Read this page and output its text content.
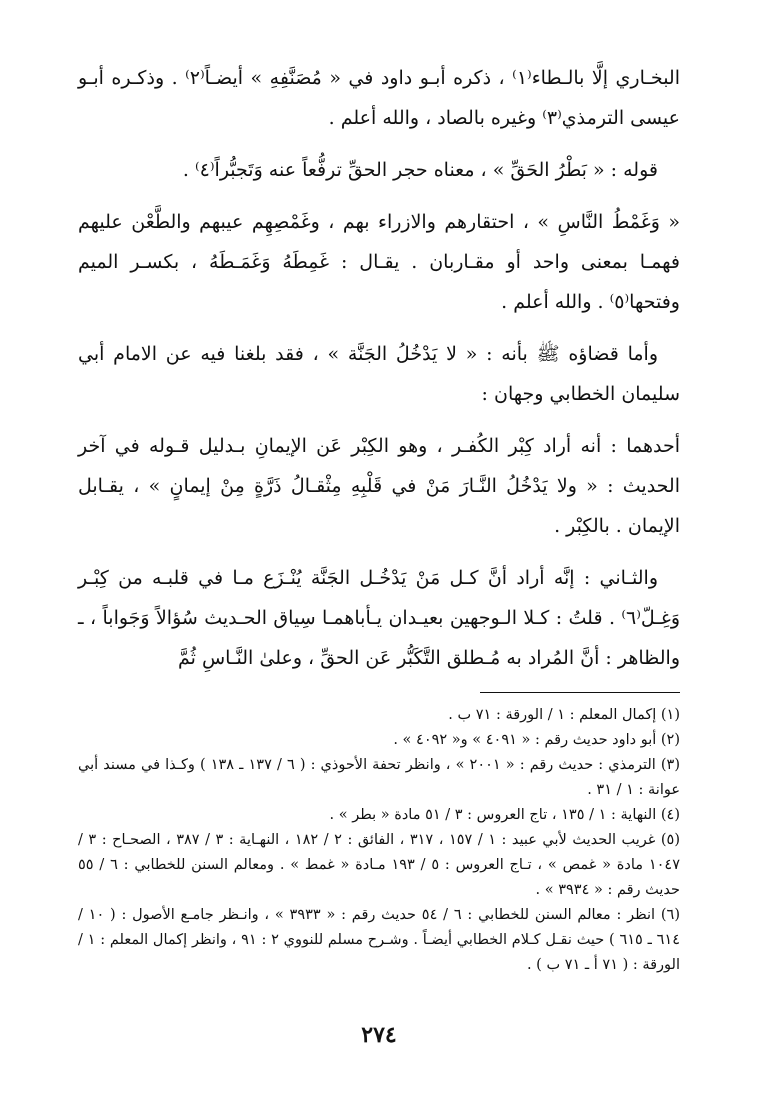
البخـاري إلَّا بالـطاء⁽١⁾ ، ذكره أبـو داود في « مُصَنَّفِهِ » أيضـاً⁽٢⁾ . وذكـره أبـو عيسى الترمذي⁽٣⁾ وغيره بالصاد ، والله أعلم .

قوله : « بَطْرُ الحَقِّ » ، معناه حجر الحقِّ ترفُّعاً عنه وَتَجبُّراً⁽٤⁾ .

« وَغَمْطُ النَّاسِ » ، احتقارهم والازراء بهم ، وغَمْصِهِم عيبهم والطَّعْن عليهم فهمـا بمعنى واحد أو مقـاربان . يقـال : غَمِطَهُ وَغَمَـطَهُ ، بكسـر الميم وفتحها⁽٥⁾ . والله أعلم .

وأما قضاؤه ﷺ بأنه : « لا يَدْخُلُ الجَنَّة » ، فقد بلغنا فيه عن الامام أبي سليمان الخطابي وجهان :

أحدهما : أنه أراد كِبْر الكُفـر ، وهو الكِبْر عَن الإيمانِ بـدليل قـوله في آخر الحديث : « ولا يَدْخُلُ النَّـارَ مَنْ في قَلْبِهِ مِثْقـالُ ذَرَّةٍ مِنْ إيمانٍ » ، يقـابل الإيمان . بالكِبْر .

والثـاني : إنَّه أراد أنَّ كـل مَنْ يَدْخُـل الجَنَّة يُنْـزَع مـا في قلبـه من كِبْـر وَغِـلّ⁽٦⁾ . قلتُ : كـلا الـوجهين بعيـدان يـأباهمـا سِياق الحـديث سُؤالاً وَجَواباً ، ـ والظاهر : أنَّ المُراد به مُـطلق التَّكَبُّر عَن الحقِّ ، وعلىٰ النَّـاسِ ثُمَّ

(١) إكمال المعلم : ١ / الورقة : ٧١ ب .

(٢) أبو داود حديث رقم : « ٤٠٩١ » و« ٤٠٩٢ » .

(٣) الترمذي : حديث رقم : « ٢٠٠١ » ، وانظر تحفة الأحوذي : ( ٦ / ١٣٧ ـ ١٣٨ ) وكـذا في مسند أبي عوانة : ١ / ٣١ .

(٤) النهاية : ١ / ١٣٥ ، تاج العروس : ٣ / ٥١ مادة « بطر » .

(٥) غريب الحديث لأبي عبيد : ١ / ١٥٧ ، ٣١٧ ، الفائق : ٢ / ١٨٢ ، النهـاية : ٣ / ٣٨٧ ، الصحـاح : ٣ / ١٠٤٧ مادة « غمص » ، تـاج العروس : ٥ / ١٩٣ مـادة « غمط » . ومعالم السنن للخطابي : ٦ / ٥٥ حديث رقم : « ٣٩٣٤ » .

(٦) انظر : معالم السنن للخطابي : ٦ / ٥٤ حديث رقم : « ٣٩٣٣ » ، وانـظر جامـع الأصول : ( ١٠ / ٦١٤ ـ ٦١٥ ) حيث نقـل كـلام الخطابي أيضـاً . وشـرح مسلم للنووي ٢ : ٩١ ، وانظر إكمال المعلم : ١ / الورقة : ( ٧١ أ ـ ٧١ ب ) .

٢٧٤
